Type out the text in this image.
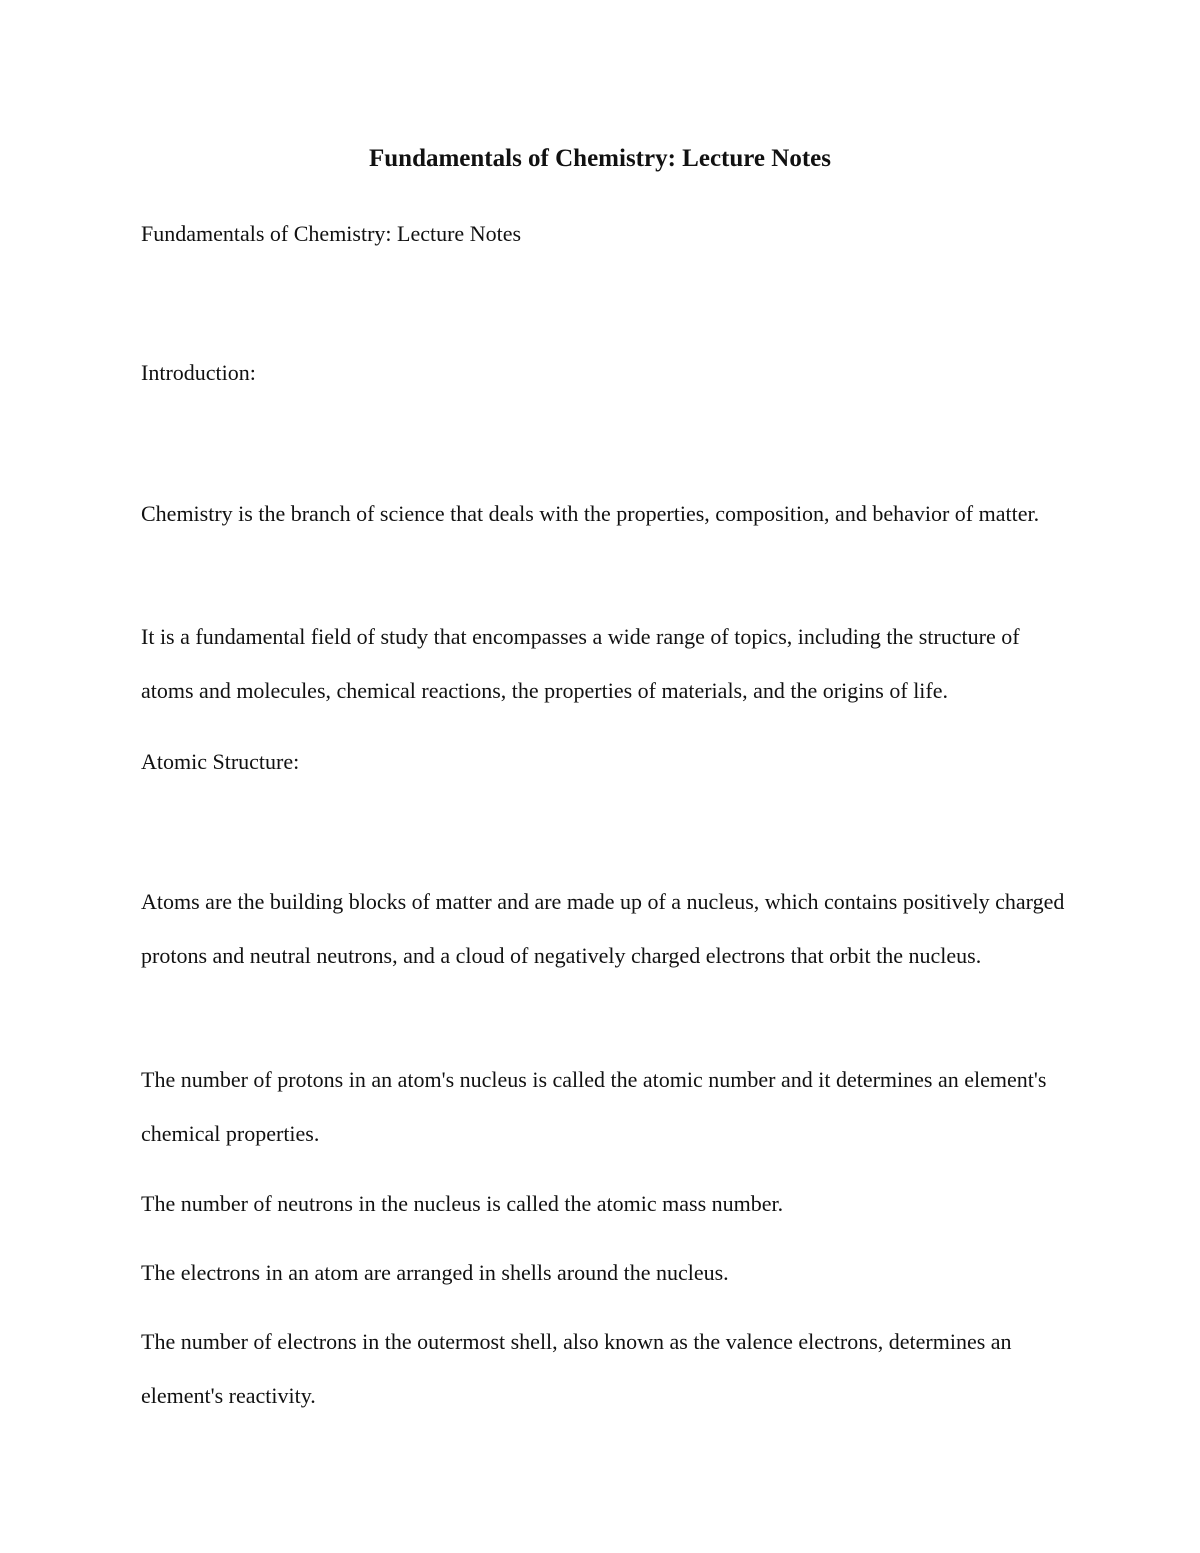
Fundamentals of Chemistry: Lecture Notes
Fundamentals of Chemistry: Lecture Notes
Introduction:
Chemistry is the branch of science that deals with the properties, composition, and behavior of matter.
It is a fundamental field of study that encompasses a wide range of topics, including the structure of atoms and molecules, chemical reactions, the properties of materials, and the origins of life.
Atomic Structure:
Atoms are the building blocks of matter and are made up of a nucleus, which contains positively charged protons and neutral neutrons, and a cloud of negatively charged electrons that orbit the nucleus.
The number of protons in an atom's nucleus is called the atomic number and it determines an element's chemical properties.
The number of neutrons in the nucleus is called the atomic mass number.
The electrons in an atom are arranged in shells around the nucleus.
The number of electrons in the outermost shell, also known as the valence electrons, determines an element's reactivity.
